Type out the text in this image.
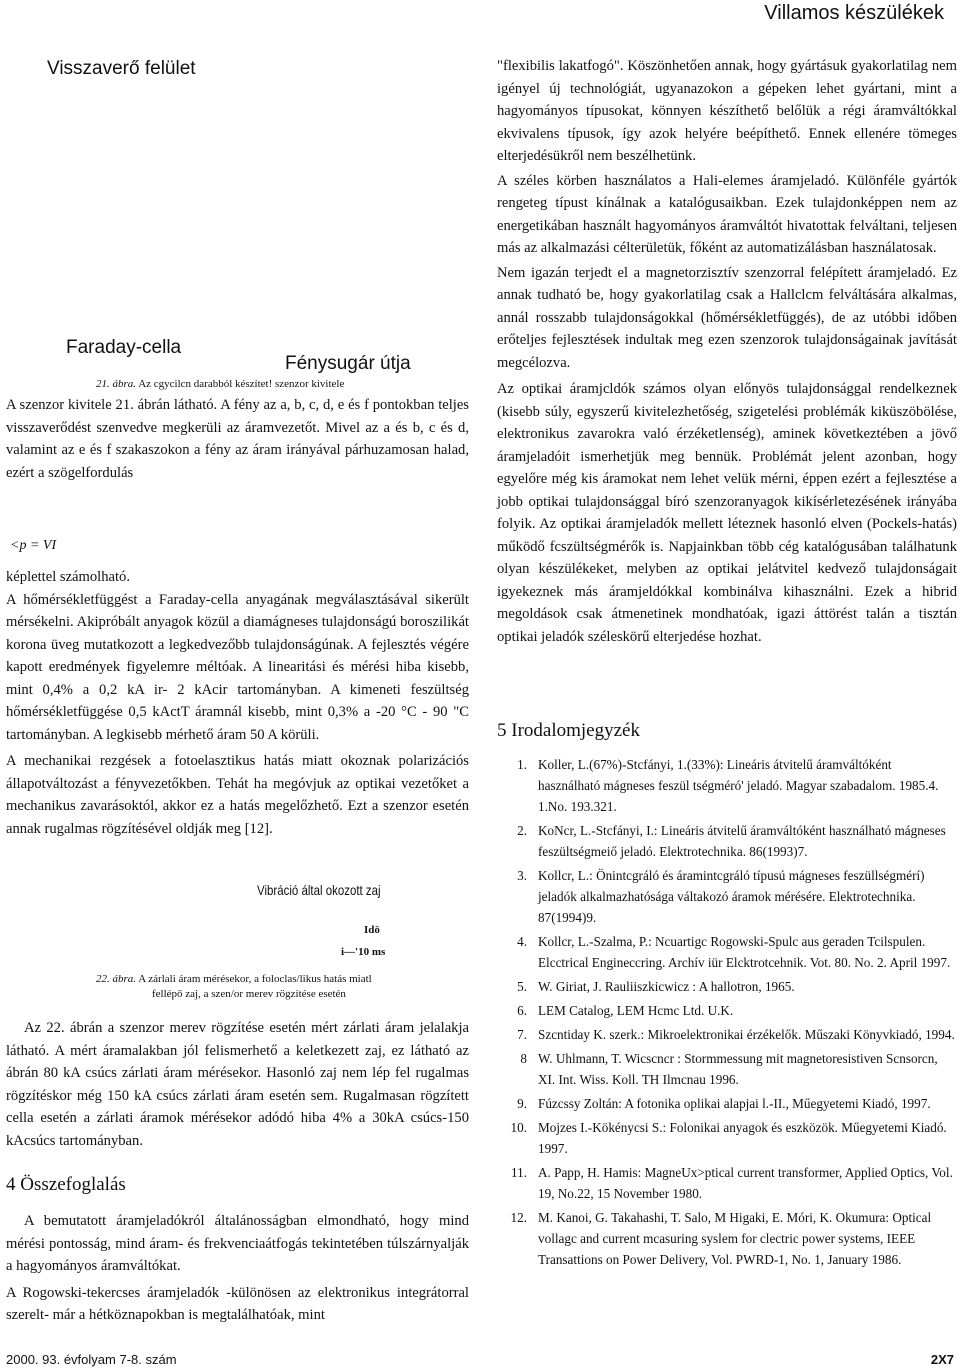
Villamos készülékek
Visszaverő felület
Faraday-cella
Fénysugár útja
21. ábra. Az cgycilcn darabból készítet! szenzor kivitele

A szenzor kivitele 21. ábrán látható. A fény az a, b, c, d, e és f pontokban teljes visszaverődést szenvedve megkerüli az áramvezetőt. Mivel az a és b, c és d, valamint az e és f szakaszokon a fény az áram irányával párhuzamosan halad, ezért a szögelfordulás

<p = VI

képlettel számolható.

A hőmérsékletfüggést a Faraday-cella anyagának megválasztásával sikerült mérsékelni. Akipróbált anyagok közül a diamágneses tulajdonságú boroszilikát korona üveg mutatkozott a legkedvezőbb tulajdonságúnak. A fejlesztés végére kapott eredmények figyelemre méltóak. A linearitási és mérési hiba kisebb, mint 0,4% a 0,2 kA ir- 2 kAcir tartományban. A kimeneti feszültség hőmérsékletfüggése 0,5 kActT áramnál kisebb, mint 0,3% a -20 °C - 90 "C tartományban. A legkisebb mérhető áram 50 A körüli.

A mechanikai rezgések a fotoelasztikus hatás miatt okoznak polarizációs állapotváltozást a fényvezetőkben. Tehát ha megóvjuk az optikai vezetőket a mechanikus zavarásoktól, akkor ez a hatás megelőzhető. Ezt a szenzor esetén annak rugalmas rögzítésével oldják meg [12].

Vibráció által okozott zaj
Idö
i—'10 ms
22. ábra. A zárlali áram mérésekor, a foloclas/likus hatás miatl
fellépő zaj, a szen/or merev rögzítése esetén

Az 22. ábrán a szenzor merev rögzítése esetén mért zárlati áram jelalakja látható. A mért áramalakban jól felismerhető a keletkezett zaj, ez látható az ábrán 80 kA csúcs zárlati áram mérésekor. Hasonló zaj nem lép fel rugalmas rögzítéskor még 150 kA csúcs zárlati áram esetén sem. Rugalmasan rögzített cella esetén a zárlati áramok mérésekor adódó hiba 4% a 30kA csúcs-150 kAcsúcs tartományban.

4 Összefoglalás

A bemutatott áramjeladókról általánosságban elmondható, hogy mind mérési pontosság, mind áram- és frekvenciaátfogás tekintetében túlszárnyalják a hagyományos áramváltókat.

A Rogowski-tekercses áramjeladók -különösen az elektronikus integrátorral szerelt- már a hétköznapokban is megtalálhatóak, mint

"flexibilis lakatfogó". Köszönhetően annak, hogy gyártásuk gyakorlatilag nem igényel új technológiát, ugyanazokon a gépeken lehet gyártani, mint a hagyományos típusokat, könnyen készíthető belőlük a régi áramváltókkal ekvivalens típusok, így azok helyére beépíthető. Ennek ellenére tömeges elterjedésükről nem beszélhetünk.

A széles körben használatos a Hali-elemes áramjeladó. Különféle gyártók rengeteg típust kínálnak a katalógusaikban. Ezek tulajdonképpen nem az energetikában használt hagyományos áramváltót hivatottak felváltani, teljesen más az alkalmazási célterületük, főként az automatizálásban használatosak.

Nem igazán terjedt el a magnetorzisztív szenzorral felépített áramjeladó. Ez annak tudható be, hogy gyakorlatilag csak a Hallclcm felváltására alkalmas, annál rosszabb tulajdonságokkal (hőmérsékletfüggés), de az utóbbi időben erőteljes fejlesztések indultak meg ezen szenzorok tulajdonságainak javítását megcélozva.

Az optikai áramjcldók számos olyan előnyös tulajdonsággal rendelkeznek (kisebb súly, egyszerű kivitelezhetőség, szigetelési problémák kiküszöbölése, elektronikus zavarokra való érzéketlenség), aminek következtében a jövő áramjeladóit ismerhetjük meg bennük. Problémát jelent azonban, hogy egyelőre még kis áramokat nem lehet velük mérni, éppen ezért a fejlesztése a jobb optikai tulajdonsággal bíró szenzoranyagok kikísérletezésének irányába folyik. Az optikai áramjeladók mellett léteznek hasonló elven (Pockels-hatás) működő fcszültségmérők is. Napjainkban több cég katalógusában találhatunk olyan készülékeket, melyben az optikai jelátvitel kedvező tulajdonságait igyekeznek más áramjeldókkal kombinálva kihasználni. Ezek a hibrid megoldások csak átmenetinek mondhatóak, igazi áttörést talán a tisztán optikai jeladók széleskörű elterjedése hozhat.

5 Irodalomjegyzék
1. Koller, L.(67%)-Stcfányi, 1.(33%): Lineáris átvitelű áramváltóként használható mágneses feszül tségméró' jeladó. Magyar szabadalom. 1985.4. 1.No. 193.321.
2. KoNcr, L.-Stcfányi, I.: Lineáris átvitelű áramváltóként használható mágneses feszültségmeiő jeladó. Elektrotechnika. 86(1993)7.
3. Kollcr, L.: Önintcgráló és áramintcgráló típusú mágneses feszüllségmérí) jeladók alkalmazhatósága váltakozó áramok mérésére. Elektrotechnika. 87(1994)9.
4. Kollcr, L.-Szalma, P.: Ncuartigc Rogowski-Spulc aus geraden Tcilspulen. Elcctrical Engineccring. Archív iür Elcktrotcehnik. Vot. 80. No. 2. April 1997.
5. W. Giriat, J. Rauliiszkicwicz : A hallotron, 1965.
6. LEM Catalog, LEM Hcmc Ltd. U.K.
7. Szcntiday K. szerk.: Mikroelektronikai érzékelők. Műszaki Könyvkiadó, 1994.
8 W. Uhlmann, T. Wicscncr : Stormmessung mit magnetoresistiven Scnsorcn, XI. Int. Wiss. Koll. TH Ilmcnau 1996.
9. Fúzcssy Zoltán: A fotonika oplikai alapjai l.-II., Műegyetemi Kiadó, 1997.
10. Mojzes I.-Kökénycsi S.: Folonikai anyagok és eszközök. Műegyetemi Kiadó. 1997.
11. A. Papp, H. Hamis: MagneUx>ptical current transformer, Applied Optics, Vol. 19, No.22, 15 November 1980.
12. M. Kanoi, G. Takahashi, T. Salo, M Higaki, E. Móri, K. Okumura: Optical vollagc and current mcasuring syslem for clectric power systems, IEEE Transattions on Power Delivery, Vol. PWRD-1, No. 1, January 1986.
2000. 93. évfolyam 7-8. szám	2X7
